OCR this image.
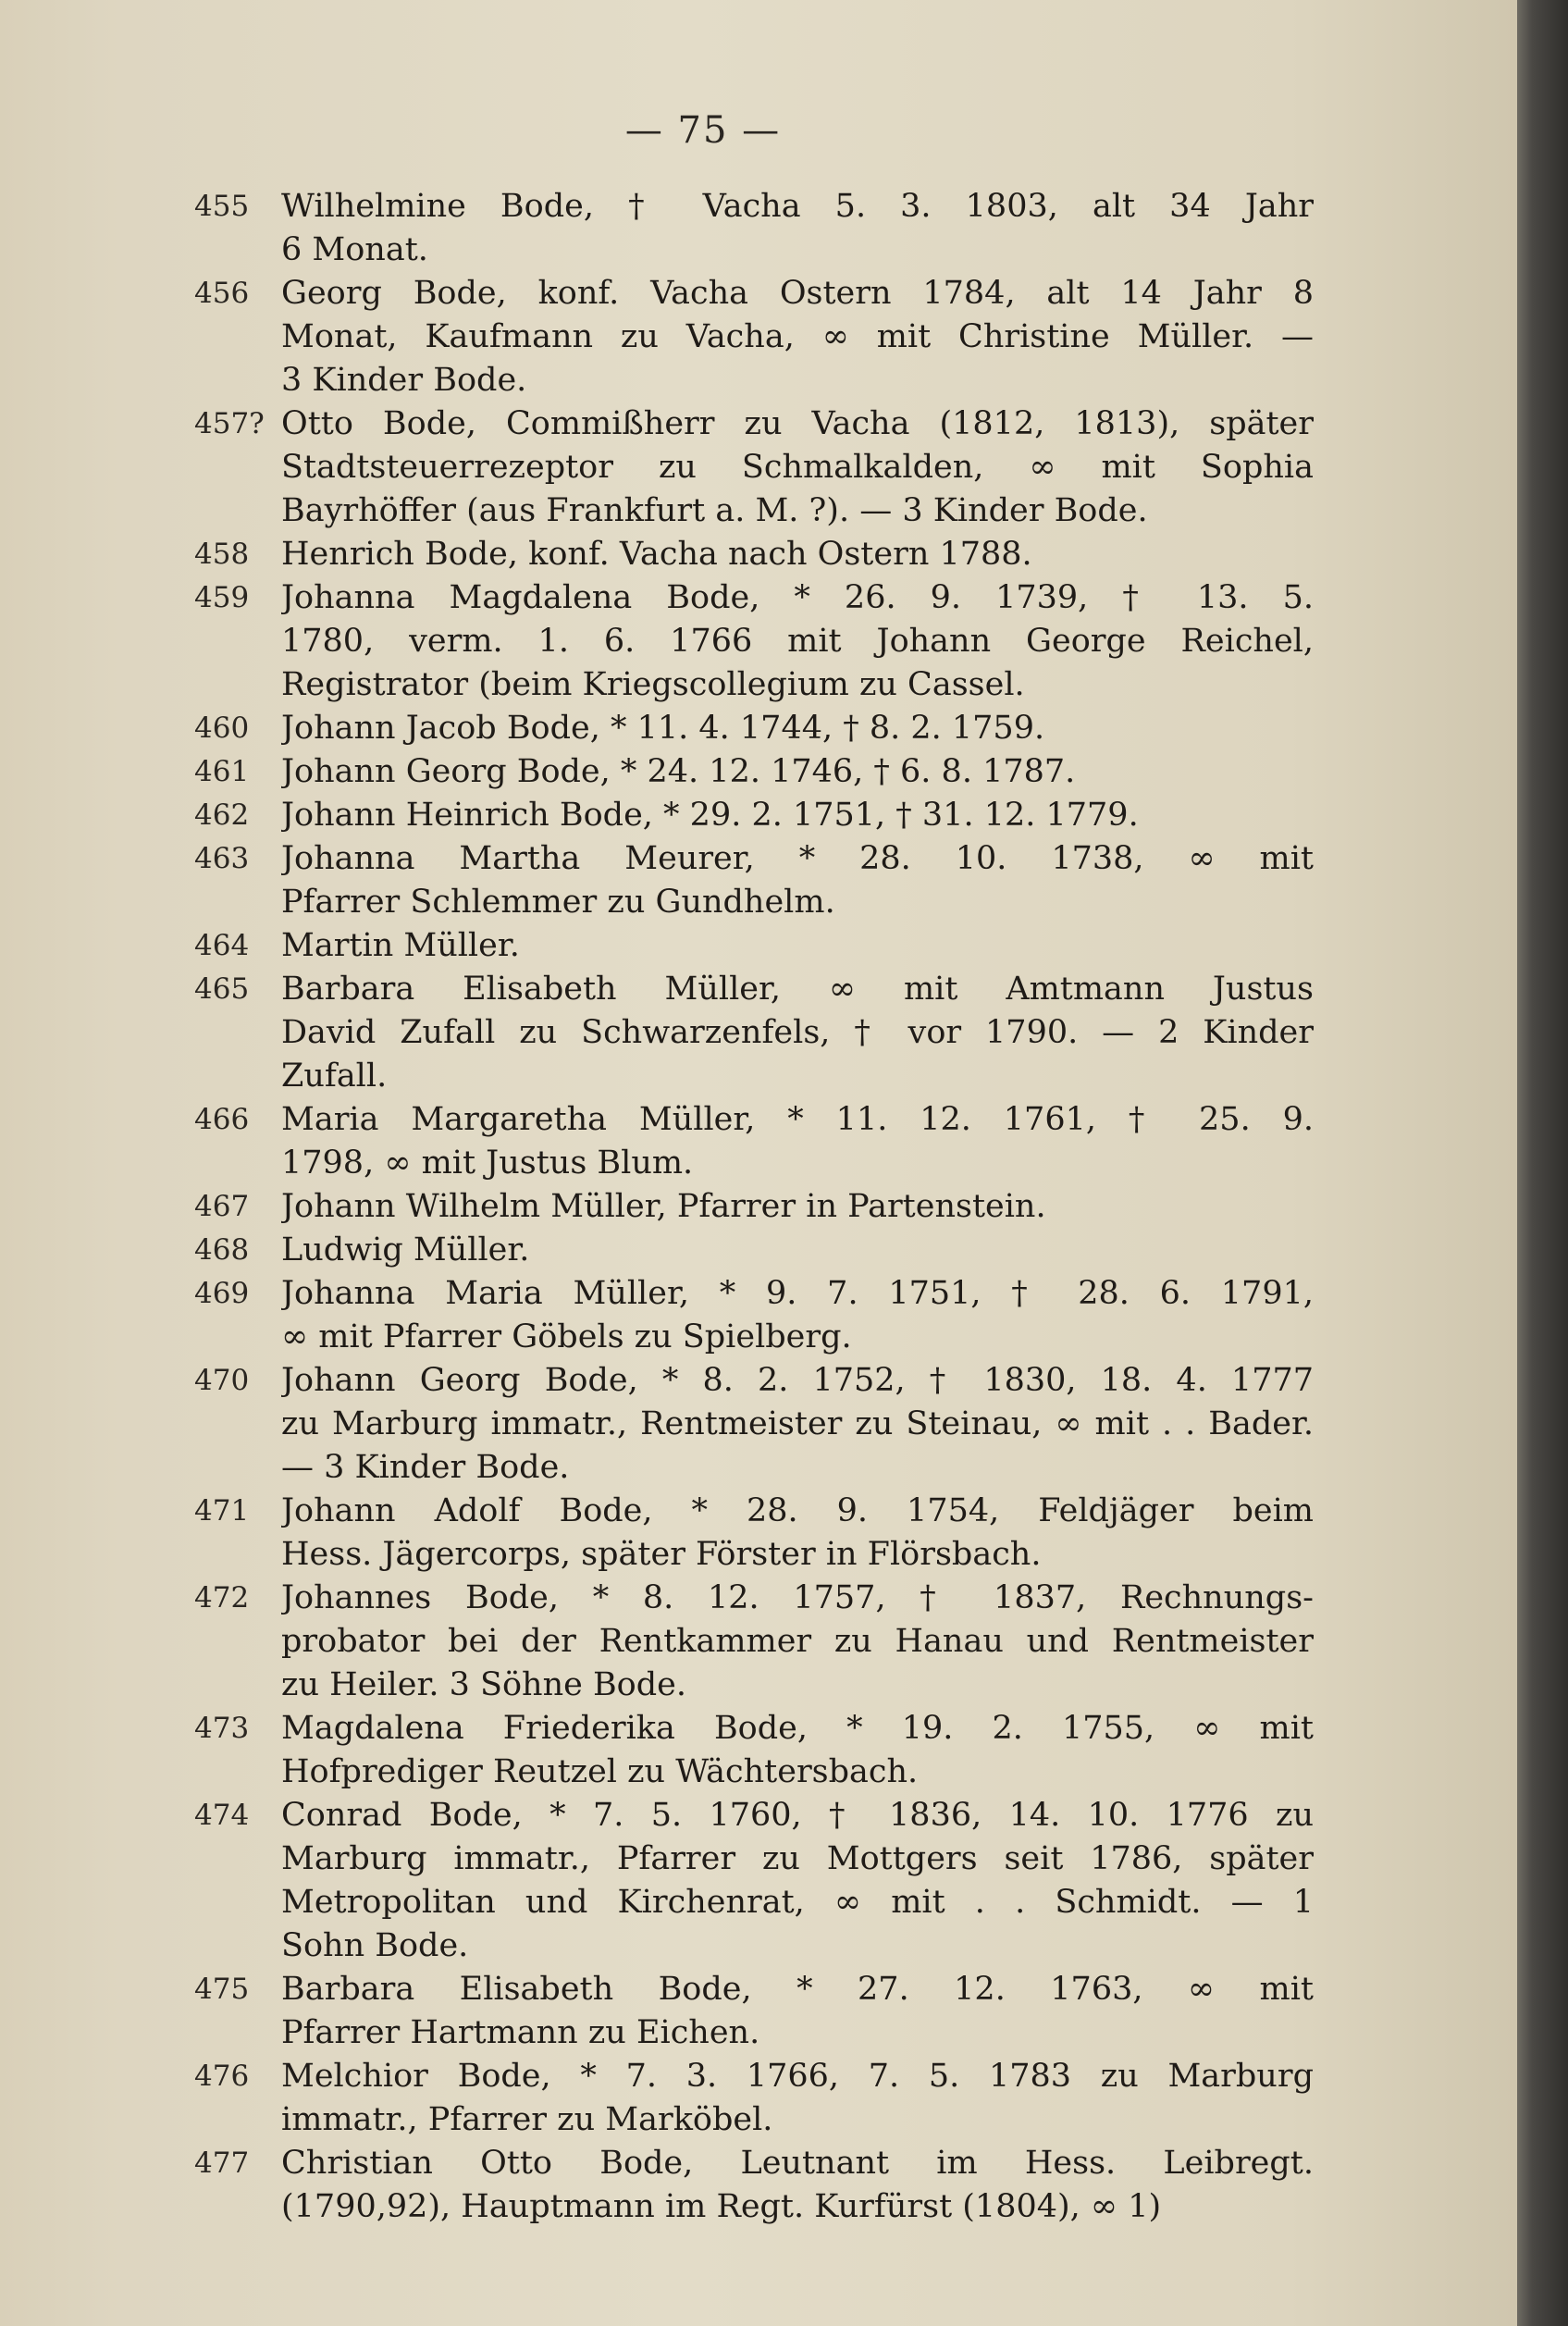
— 75 —
455 Wilhelmine Bode, † Vacha 5. 3. 1803, alt 34 Jahr
6 Monat.
456 Georg Bode, konf. Vacha Ostern 1784, alt 14 Jahr 8
Monat, Kaufmann zu Vacha, ∞ mit Christine Müller. —
3 Kinder Bode.
457? Otto Bode, Commißherr zu Vacha (1812, 1813), später
Stadtsteuerrezeptor zu Schmalkalden, ∞ mit Sophia
Bayrhöffer (aus Frankfurt a. M. ?). — 3 Kinder Bode.
458 Henrich Bode, konf. Vacha nach Ostern 1788.
459 Johanna Magdalena Bode, * 26. 9. 1739, † 13. 5.
1780, verm. 1. 6. 1766 mit Johann George Reichel,
Registrator (beim Kriegscollegium zu Cassel.
460 Johann Jacob Bode, * 11. 4. 1744, † 8. 2. 1759.
461 Johann Georg Bode, * 24. 12. 1746, † 6. 8. 1787.
462 Johann Heinrich Bode, * 29. 2. 1751, † 31. 12. 1779.
463 Johanna Martha Meurer, * 28. 10. 1738, ∞ mit
Pfarrer Schlemmer zu Gundhelm.
464 Martin Müller.
465 Barbara Elisabeth Müller, ∞ mit Amtmann Justus
David Zufall zu Schwarzenfels, † vor 1790. — 2 Kinder
Zufall.
466 Maria Margaretha Müller, * 11. 12. 1761, † 25. 9.
1798, ∞ mit Justus Blum.
467 Johann Wilhelm Müller, Pfarrer in Partenstein.
468 Ludwig Müller.
469 Johanna Maria Müller, * 9. 7. 1751, † 28. 6. 1791,
∞ mit Pfarrer Göbels zu Spielberg.
470 Johann Georg Bode, * 8. 2. 1752, † 1830, 18. 4. 1777
zu Marburg immatr., Rentmeister zu Steinau, ∞ mit . . Bader.
— 3 Kinder Bode.
471 Johann Adolf Bode, * 28. 9. 1754, Feldjäger beim
Hess. Jägercorps, später Förster in Flörsbach.
472 Johannes Bode, * 8. 12. 1757, † 1837, Rechnungs-
probator bei der Rentkammer zu Hanau und Rentmeister
zu Heiler. 3 Söhne Bode.
473 Magdalena Friederika Bode, * 19. 2. 1755, ∞ mit
Hofprediger Reutzel zu Wächtersbach.
474 Conrad Bode, * 7. 5. 1760, † 1836, 14. 10. 1776 zu
Marburg immatr., Pfarrer zu Mottgers seit 1786, später
Metropolitan und Kirchenrat, ∞ mit . . Schmidt. — 1
Sohn Bode.
475 Barbara Elisabeth Bode, * 27. 12. 1763, ∞ mit
Pfarrer Hartmann zu Eichen.
476 Melchior Bode, * 7. 3. 1766, 7. 5. 1783 zu Marburg
immatr., Pfarrer zu Marköbel.
477 Christian Otto Bode, Leutnant im Hess. Leibregt.
(1790,92), Hauptmann im Regt. Kurfürst (1804), ∞ 1)
